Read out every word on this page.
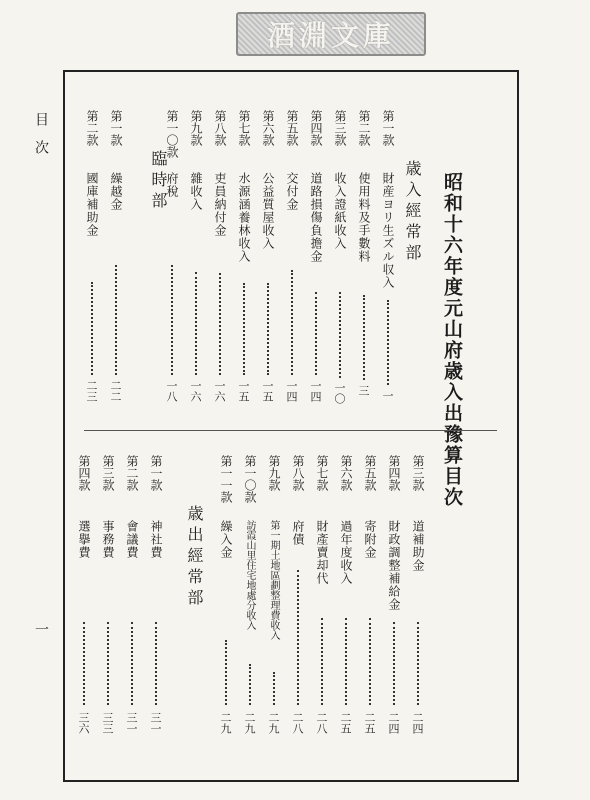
酒淵文庫
目　次
一
昭和十六年度元山府歳入出豫算目次
歳入經常部
臨時部
歳出經常部
第一款
財産ヨリ生ズル収入
一
第二款
使用料及手數料
三
第三款
收入證紙收入
一〇
第四款
道路損傷負擔金
一四
第五款
交付金
一四
第六款
公益質屋收入
一五
第七款
水源涵養林收入
一五
第八款
吏員納付金
一六
第九款
雜收入
一六
第一〇款
府稅
一八
第一款
繰越金
二二
第二款
國庫補助金
二三
第三款
道補助金
二四
第四款
財政調整補給金
二四
第五款
寄附金
二五
第六款
過年度收入
二五
第七款
財產賣却代
二八
第八款
府債
二八
第九款
第一期土地區劃整理費收入
二九
第一〇款
訪霞山里住宅地處分收入
二九
第一一款
繰入金
二九
第一款
神社費
三一
第二款
會議費
三一
第三款
事務費
三三
第四款
選擧費
三六
